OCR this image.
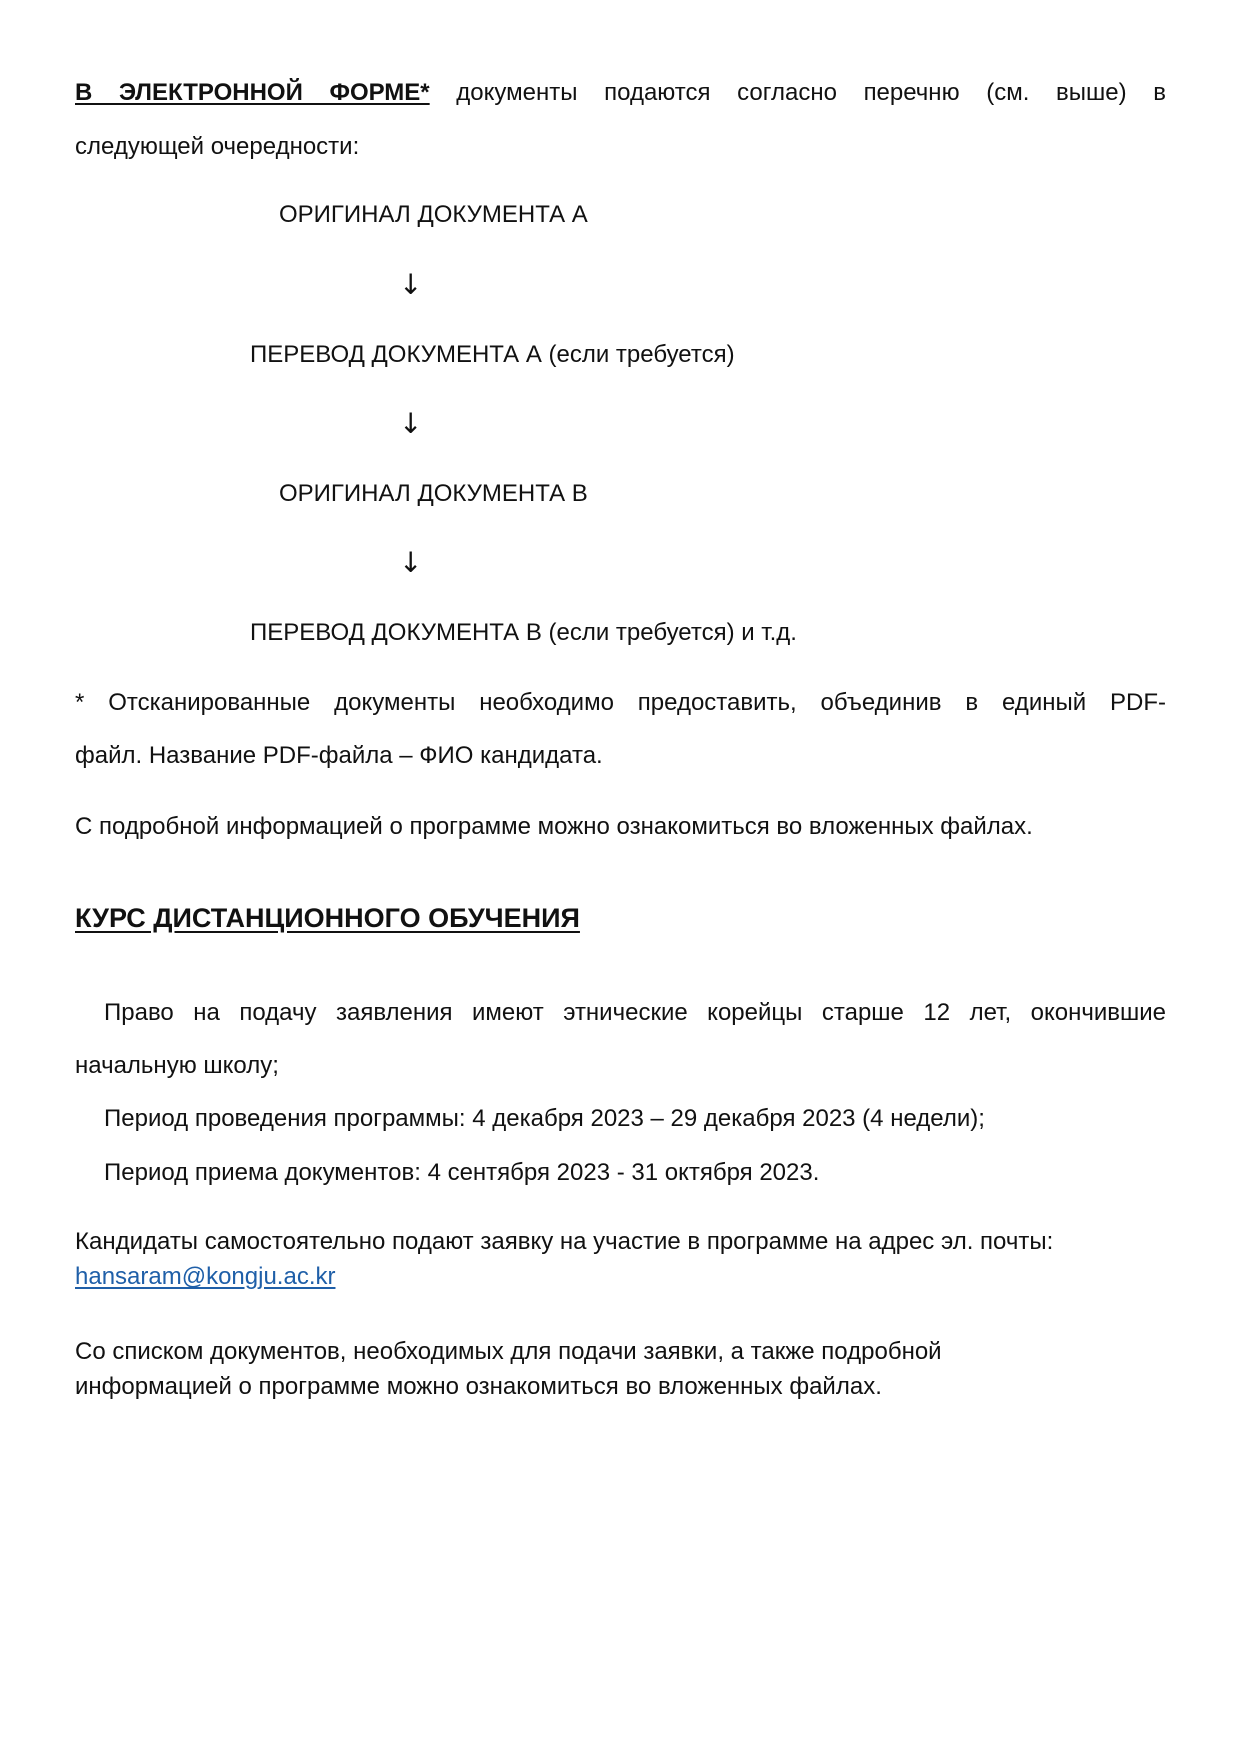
В ЭЛЕКТРОННОЙ ФОРМЕ* документы подаются согласно перечню (см. выше) в
следующей очередности:
ОРИГИНАЛ ДОКУМЕНТА А
↓
ПЕРЕВОД ДОКУМЕНТА А (если требуется)
↓
ОРИГИНАЛ ДОКУМЕНТА В
↓
ПЕРЕВОД ДОКУМЕНТА В (если требуется) и т.д.
* Отсканированные документы необходимо предоставить, объединив в единый PDF-
файл. Название PDF-файла – ФИО кандидата.
С подробной информацией о программе можно ознакомиться во вложенных файлах.
КУРС ДИСТАНЦИОННОГО ОБУЧЕНИЯ
Право на подачу заявления имеют этнические корейцы старше 12 лет, окончившие
начальную школу;
Период проведения программы: 4 декабря 2023 – 29 декабря 2023 (4 недели);
Период приема документов: 4 сентября 2023 - 31 октября 2023.
Кандидаты самостоятельно подают заявку на участие в программе на адрес эл. почты:
hansaram@kongju.ac.kr
Со списком документов, необходимых для подачи заявки, а также подробной
информацией о программе можно ознакомиться во вложенных файлах.
